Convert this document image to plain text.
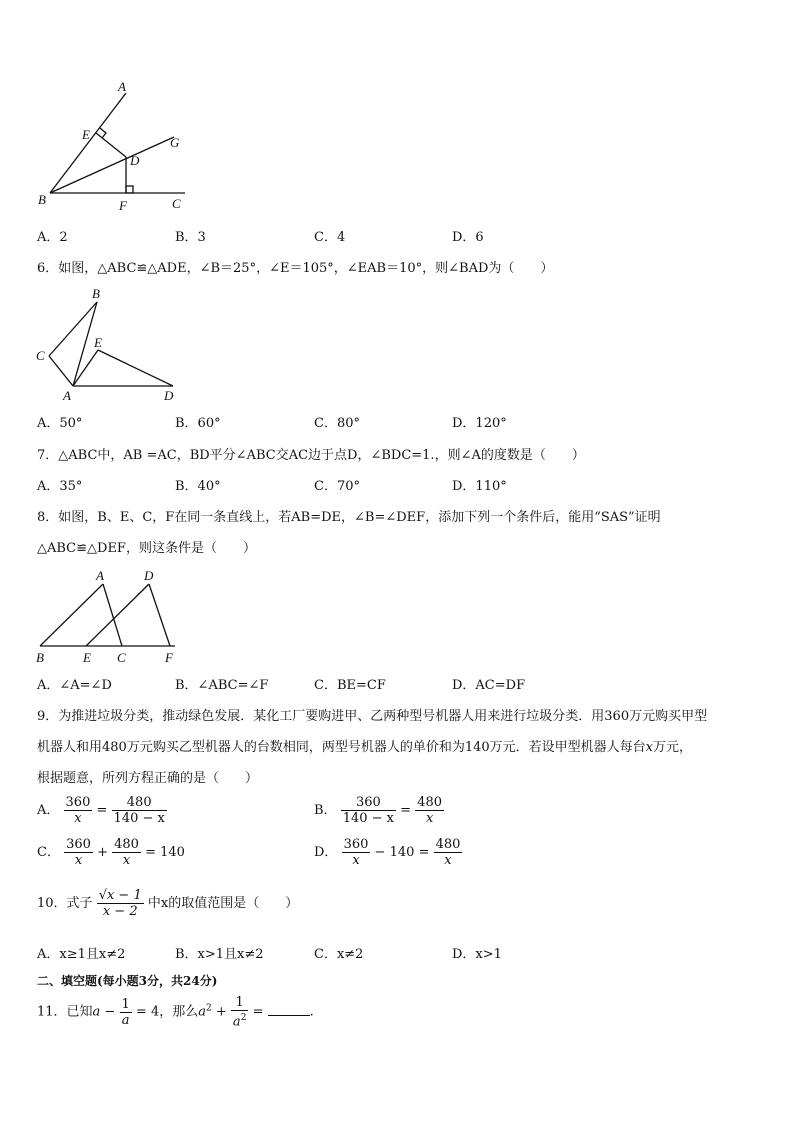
A
E
G
D
B	F	C
A．2	B．3	C．4	D．6
6．如图，△ABC≌△ADE，∠B＝25°，∠E＝105°，∠EAB＝10°，则∠BAD为（　　）
B
C
E
A	D
A．50°	B．60°	C．80°	D．120°
7．△ABC中，AB =AC，BD平分∠ABC交AC边于点D，∠BDC=1.，则∠A的度数是（　　）
A．35°	B．40°	C．70°	D．110°
8．如图，B、E、C，F在同一条直线上，若AB=DE，∠B=∠DEF，添加下列一个条件后，能用“SAS”证明
△ABC≌△DEF，则这条件是（　　）
A	D
B	E C	F
A．∠A=∠D	B．∠ABC=∠F	C．BE=CF	D．AC=DF
9．为推进垃圾分类，推动绿色发展．某化工厂要购进甲、乙两种型号机器人用来进行垃圾分类．用360万元购买甲型
机器人和用480万元购买乙型机器人的台数相同，两型号机器人的单价和为140万元．若设甲型机器人每台x万元，
根据题意，所列方程正确的是（　　）
A． $\frac{360}{x} = \frac{480}{140 - x}$	B． $\frac{360}{140 - x} = \frac{480}{x}$
C． $\frac{360}{x} + \frac{480}{x} = 140$	D． $\frac{360}{x} - 140 = \frac{480}{x}$
10．式子 $\frac{√x - 1}{x - 2}$ 中x的取值范围是（　　）
A．x≥1且x≠2	B．x>1且x≠2	C．x≠2	D．x>1
二、填空题(每小题3分，共24分)
11．已知$a - \frac{1}{a} = 4$，那么$a^2 + \frac{1}{a^2}$ =	.
